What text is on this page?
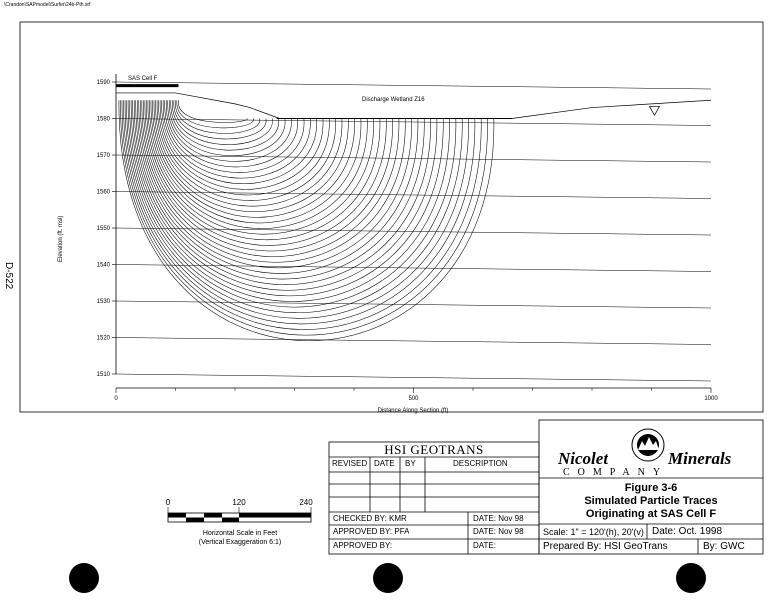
\Crandon\SAPmodel\Surfer\24b-Pth.srf
D-522
1510
1520
1530
1540
1550
1560
1570
1580
1590
0	500	1000
Elevation (ft. msl)
Distance Along Section (ft)
SAS Cell F
Discharge Wetland Z16
0	120	240
Horizontal Scale in Feet
(Vertical Exaggeration 6:1)
HSI GEOTRANS
REVISED DATE BY	DESCRIPTION
CHECKED BY: KMR	DATE: Nov 98
APPROVED BY: PFA	DATE: Nov 98
APPROVED BY:	DATE:
Nicolet	Minerals
COMPANY
Figure 3-6
Simulated Particle Traces
Originating at SAS Cell F
Scale: 1" = 120'(h), 20'(v) Date: Oct. 1998
Prepared By: HSI GeoTrans	By: GWC
